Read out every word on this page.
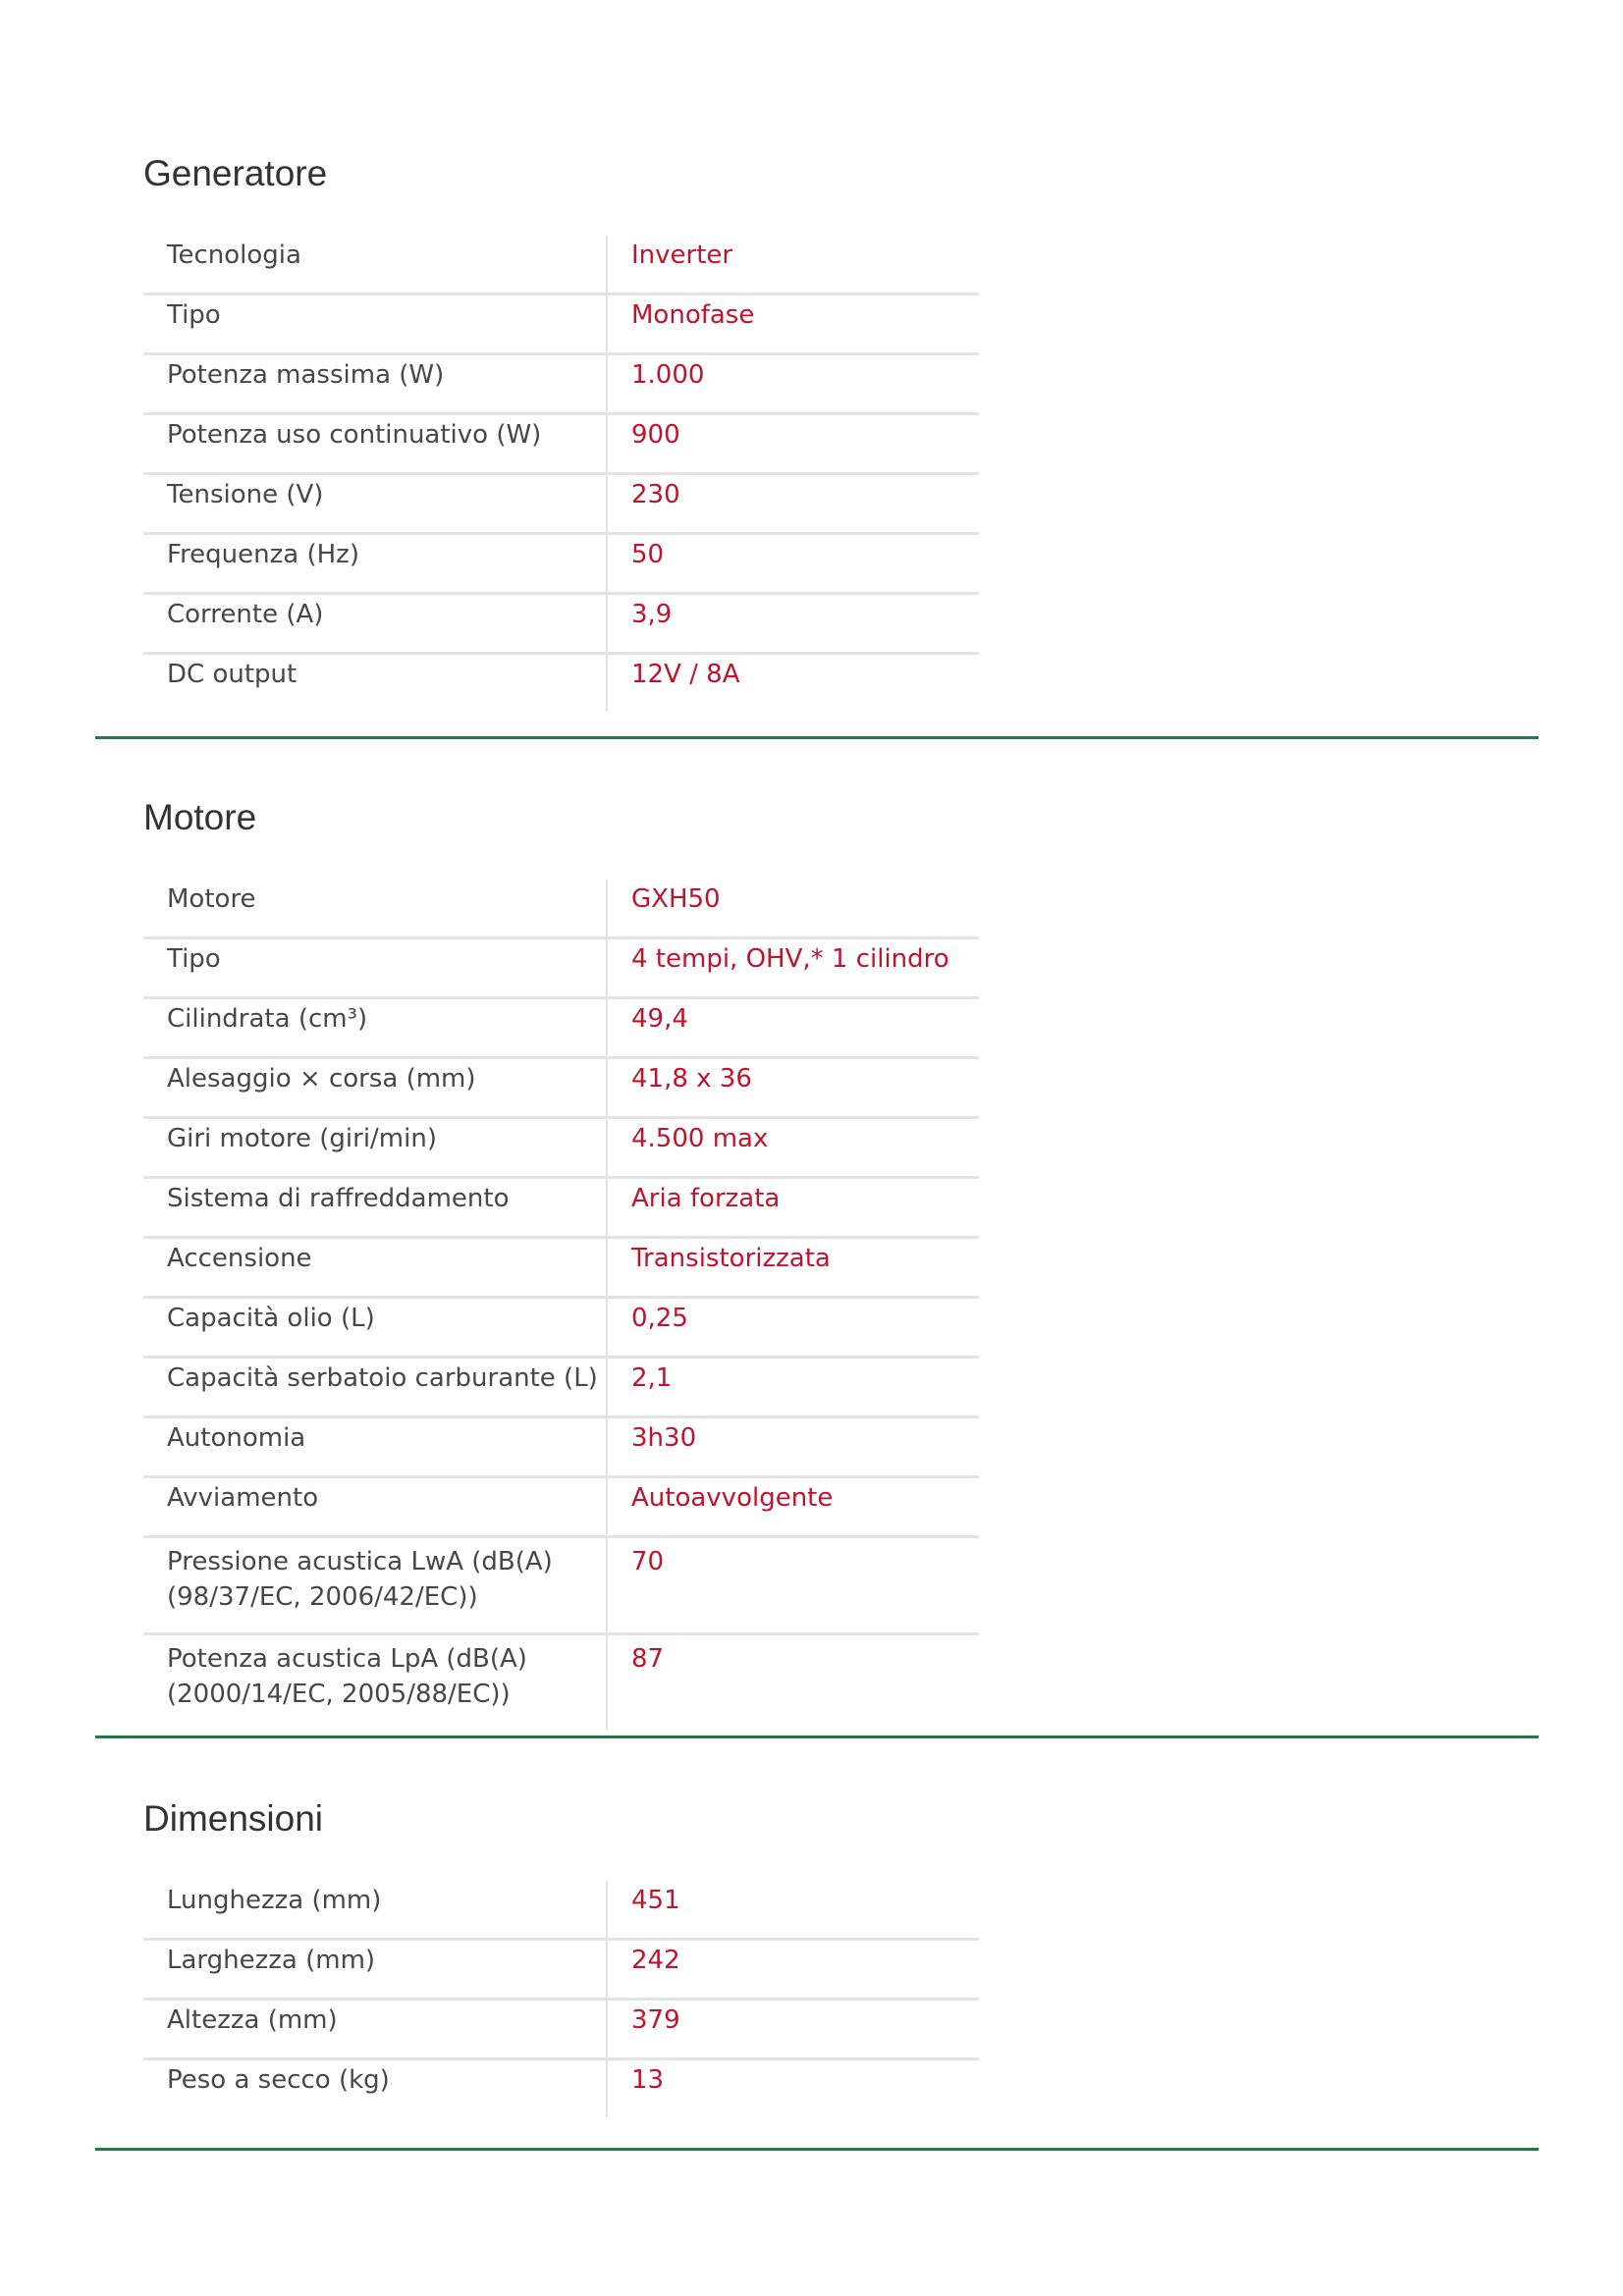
Generatore
Tecnologia	Inverter
Tipo	Monofase
Potenza massima (W)	1.000
Potenza uso continuativo (W)	900
Tensione (V)	230
Frequenza (Hz)	50
Corrente (A)	3,9
DC output	12V / 8A
Motore
Motore	GXH50
Tipo	4 tempi, OHV,* 1 cilindro
Cilindrata (cm³)	49,4
Alesaggio × corsa (mm)	41,8 x 36
Giri motore (giri/min)	4.500 max
Sistema di raffreddamento	Aria forzata
Accensione	Transistorizzata
Capacità olio (L)	0,25
Capacità serbatoio carburante (L)	2,1
Autonomia	3h30
Avviamento	Autoavvolgente
Pressione acustica LwA (dB(A) (98/37/EC, 2006/42/EC))	70
Potenza acustica LpA (dB(A) (2000/14/EC, 2005/88/EC))	87
Dimensioni
Lunghezza (mm)	451
Larghezza (mm)	242
Altezza (mm)	379
Peso a secco (kg)	13
